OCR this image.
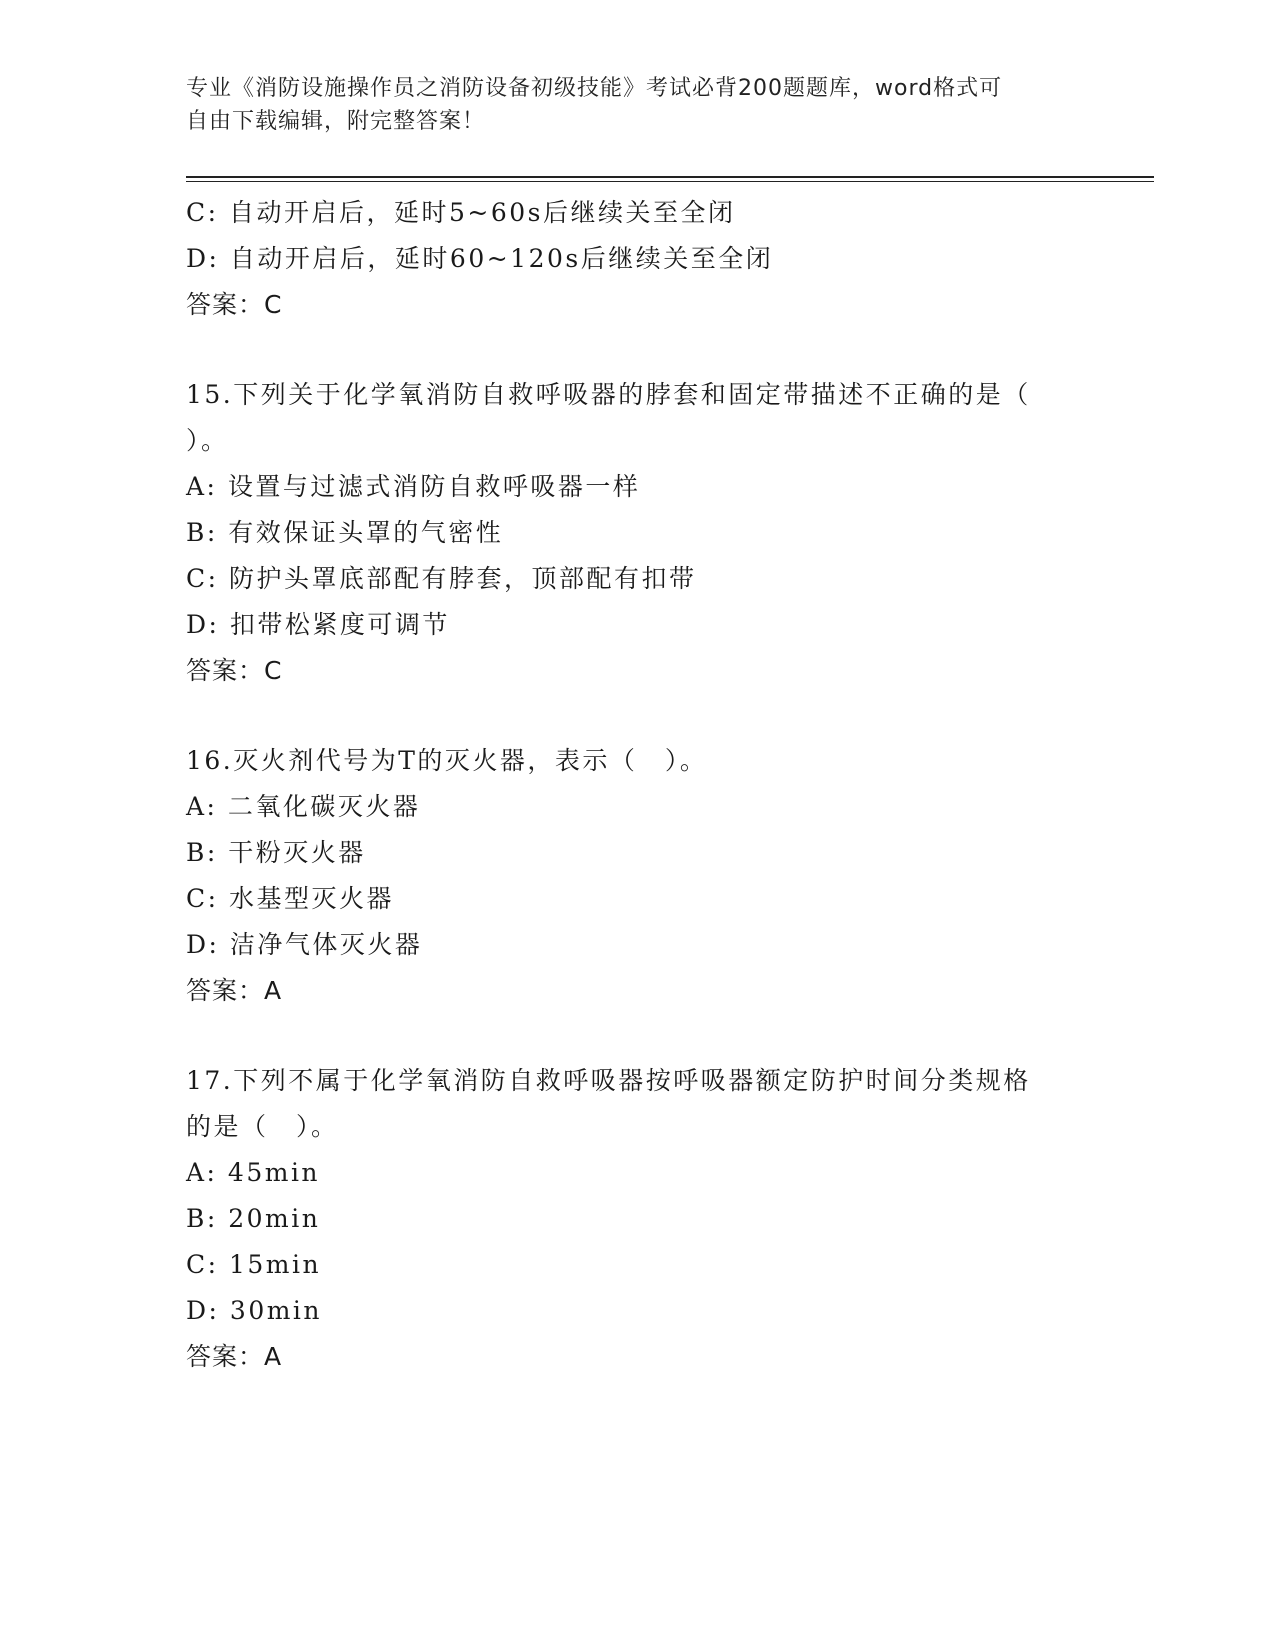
专业《消防设施操作员之消防设备初级技能》考试必背200题题库，word格式可
自由下载编辑，附完整答案！
C: 自动开启后，延时5~60s后继续关至全闭
D: 自动开启后，延时60~120s后继续关至全闭
答案：C
15.下列关于化学氧消防自救呼吸器的脖套和固定带描述不正确的是（
）。
A: 设置与过滤式消防自救呼吸器一样
B: 有效保证头罩的气密性
C: 防护头罩底部配有脖套，顶部配有扣带
D: 扣带松紧度可调节
答案：C
16.灭火剂代号为T的灭火器，表示（　）。
A: 二氧化碳灭火器
B: 干粉灭火器
C: 水基型灭火器
D: 洁净气体灭火器
答案：A
17.下列不属于化学氧消防自救呼吸器按呼吸器额定防护时间分类规格
的是（　）。
A: 45min
B: 20min
C: 15min
D: 30min
答案：A
